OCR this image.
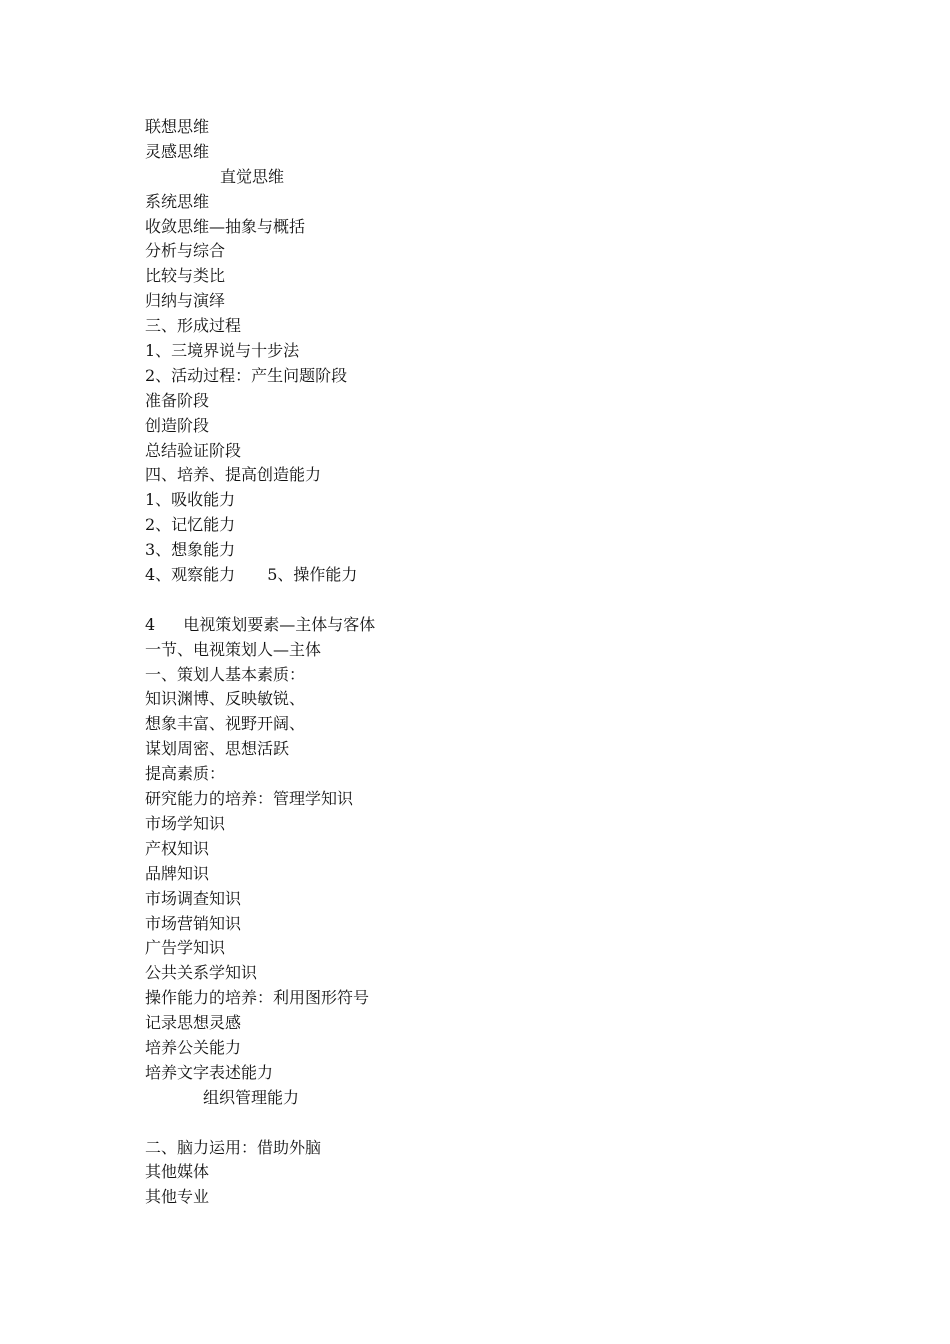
联想思维
灵感思维
直觉思维
系统思维
收敛思维—抽象与概括
分析与综合
比较与类比
归纳与演绎
三、形成过程
1、三境界说与十步法
2、活动过程：产生问题阶段
准备阶段
创造阶段
总结验证阶段
四、培养、提高创造能力
1、吸收能力
2、记忆能力
3、想象能力
4、观察能力 5、操作能力
4 电视策划要素—主体与客体
一节、电视策划人—主体
一、策划人基本素质：
知识渊博、反映敏锐、
想象丰富、视野开阔、
谋划周密、思想活跃
提高素质：
研究能力的培养：管理学知识
市场学知识
产权知识
品牌知识
市场调查知识
市场营销知识
广告学知识
公共关系学知识
操作能力的培养：利用图形符号
记录思想灵感
培养公关能力
培养文字表述能力
组织管理能力
二、脑力运用：借助外脑
其他媒体
其他专业
